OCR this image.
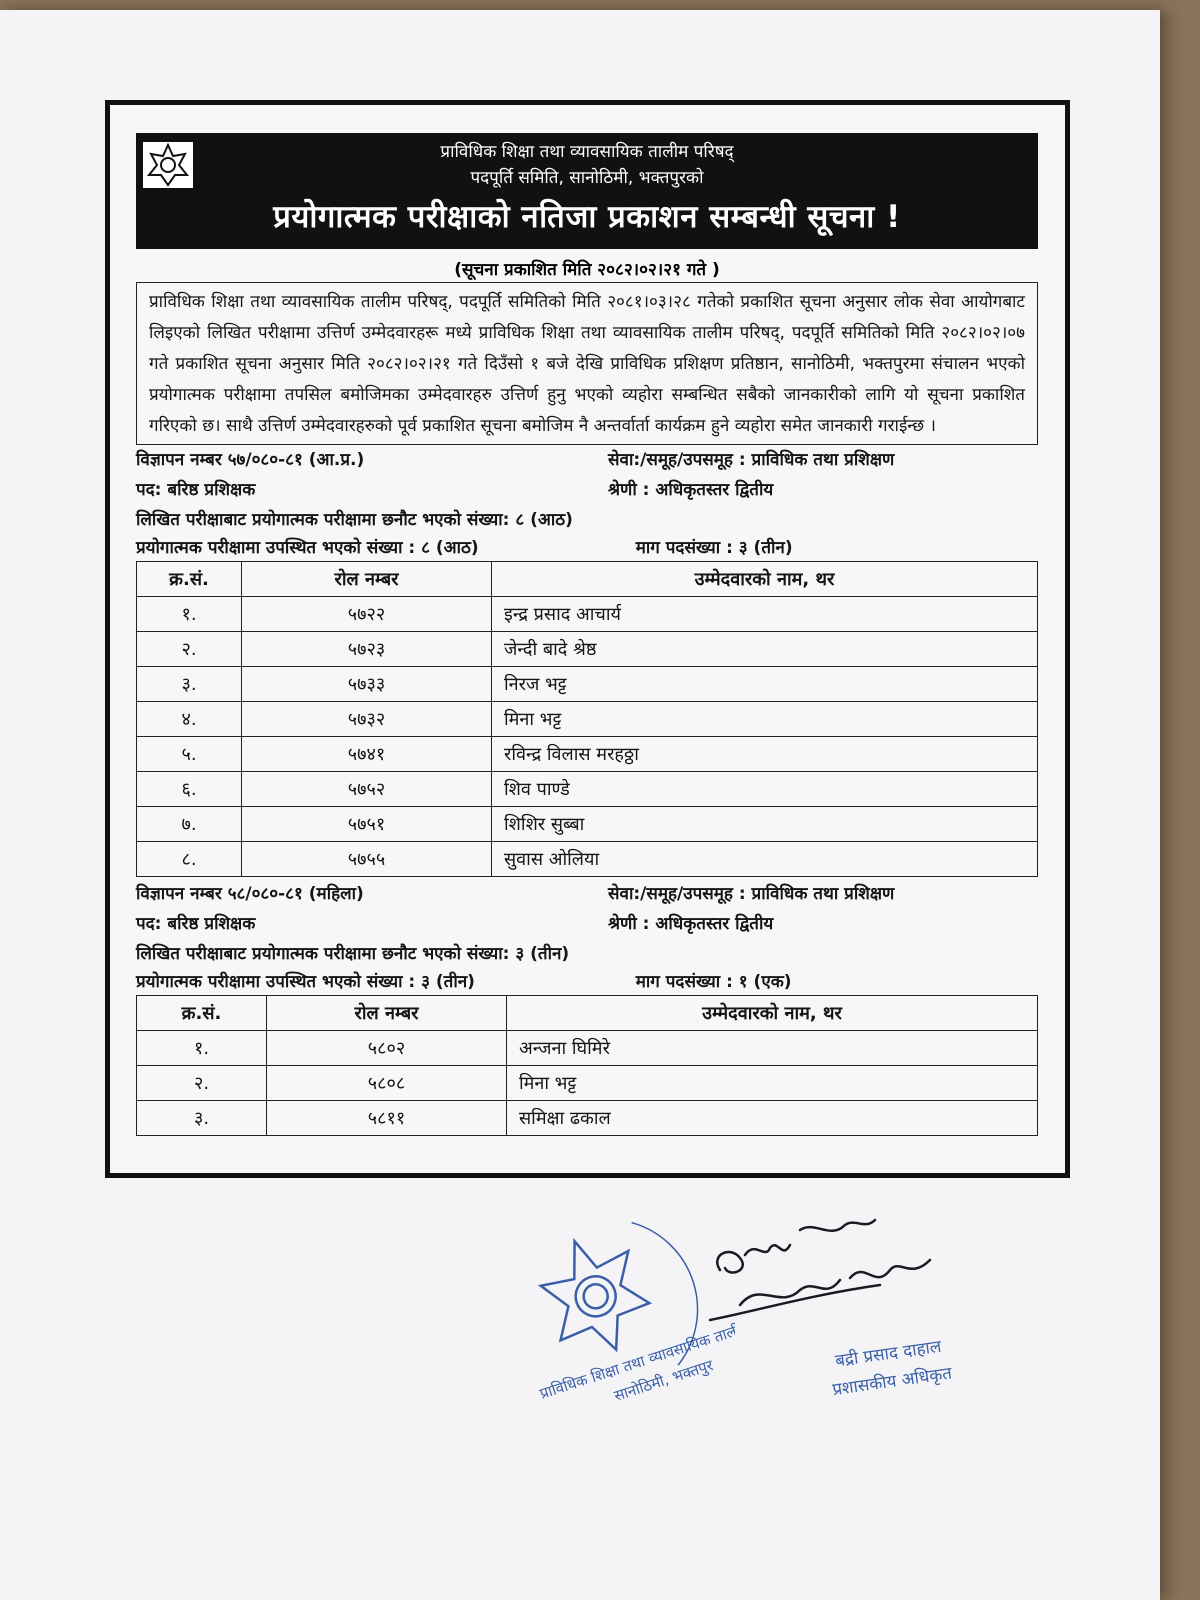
प्राविधिक शिक्षा तथा व्यावसायिक तालीम परिषद्
पदपूर्ति समिति, सानोठिमी, भक्तपुरको
प्रयोगात्मक परीक्षाको नतिजा प्रकाशन सम्बन्धी सूचना !
(सूचना प्रकाशित मिति २०८२।०२।२१ गते )
प्राविधिक शिक्षा तथा व्यावसायिक तालीम परिषद्, पदपूर्ति समितिको मिति २०८१।०३।२८ गतेको प्रकाशित सूचना अनुसार लोक सेवा आयोगबाट लिइएको लिखित परीक्षामा उत्तिर्ण उम्मेदवारहरू मध्ये प्राविधिक शिक्षा तथा व्यावसायिक तालीम परिषद्, पदपूर्ति समितिको मिति २०८२।०२।०७ गते प्रकाशित सूचना अनुसार मिति २०८२।०२।२१ गते दिउँसो १ बजे देखि प्राविधिक प्रशिक्षण प्रतिष्ठान, सानोठिमी, भक्तपुरमा संचालन भएको प्रयोगात्मक परीक्षामा तपसिल बमोजिमका उम्मेदवारहरु उत्तिर्ण हुनु भएको व्यहोरा सम्बन्धित सबैको जानकारीको लागि यो सूचना प्रकाशित गरिएको छ। साथै उत्तिर्ण उम्मेदवारहरुको पूर्व प्रकाशित सूचना बमोजिम नै अन्तर्वार्ता कार्यक्रम हुने व्यहोरा समेत जानकारी गराईन्छ ।
विज्ञापन नम्बर ५७/०८०-८१ (आ.प्र.)	सेवा:/समूह/उपसमूह : प्राविधिक तथा प्रशिक्षण
पद: बरिष्ठ प्रशिक्षक	श्रेणी : अधिकृतस्तर द्वितीय
लिखित परीक्षाबाट प्रयोगात्मक परीक्षामा छनौट भएको संख्या: ८ (आठ)
प्रयोगात्मक परीक्षामा उपस्थित भएको संख्या : ८ (आठ)	माग पदसंख्या : ३ (तीन)
क्र.सं.	रोल नम्बर	उम्मेदवारको नाम, थर
१.	५७२२	इन्द्र प्रसाद आचार्य
२.	५७२३	जेन्दी बादे श्रेष्ठ
३.	५७३३	निरज भट्ट
४.	५७३२	मिना भट्ट
५.	५७४१	रविन्द्र विलास मरहठ्ठा
६.	५७५२	शिव पाण्डे
७.	५७५१	शिशिर सुब्बा
८.	५७५५	सुवास ओलिया
विज्ञापन नम्बर ५८/०८०-८१ (महिला)	सेवा:/समूह/उपसमूह : प्राविधिक तथा प्रशिक्षण
पद: बरिष्ठ प्रशिक्षक	श्रेणी : अधिकृतस्तर द्वितीय
लिखित परीक्षाबाट प्रयोगात्मक परीक्षामा छनौट भएको संख्या: ३ (तीन)
प्रयोगात्मक परीक्षामा उपस्थित भएको संख्या : ३ (तीन)	माग पदसंख्या : १ (एक)
क्र.सं.	रोल नम्बर	उम्मेदवारको नाम, थर
१.	५८०२	अन्जना घिमिरे
२.	५८०८	मिना भट्ट
३.	५८११	समिक्षा ढकाल
प्राविधिक शिक्षा तथा व्यावसायिक तालीम
सानोठिमी, भक्तपुर
बद्री प्रसाद दाहाल
प्रशासकीय अधिकृत
